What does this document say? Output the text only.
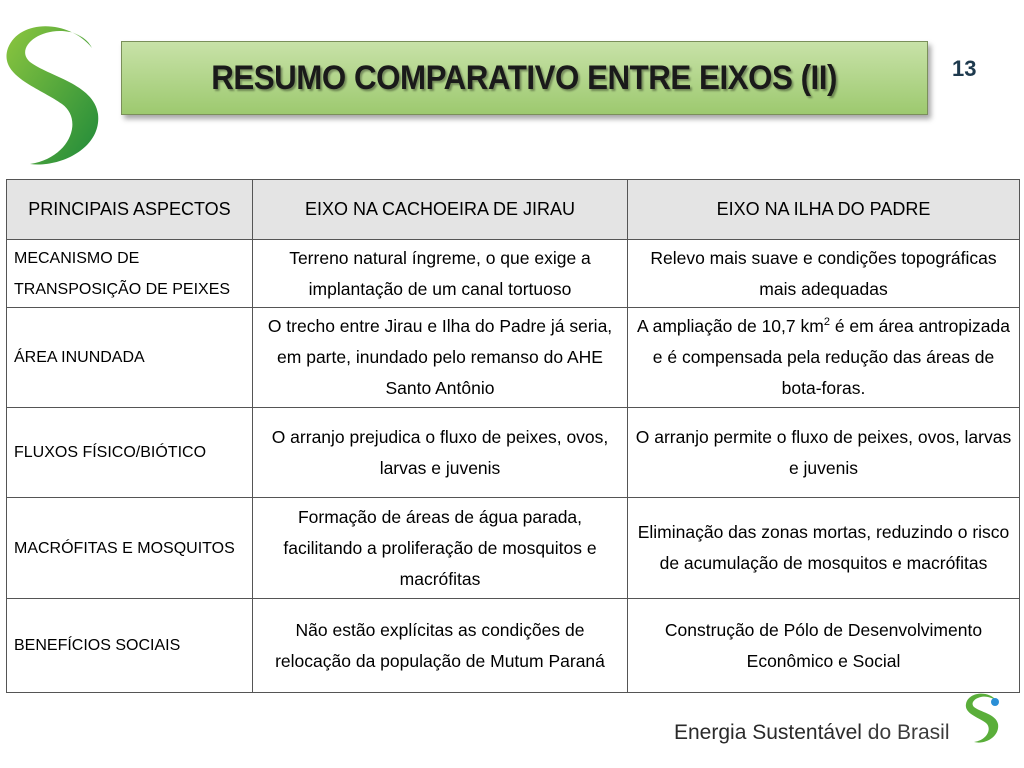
RESUMO COMPARATIVO ENTRE EIXOS (II)	13
PRINCIPAIS ASPECTOS	EIXO NA CACHOEIRA DE JIRAU	EIXO NA ILHA DO PADRE
MECANISMO DE TRANSPOSIÇÃO DE PEIXES	Terreno natural íngreme, o que exige a implantação de um canal tortuoso	Relevo mais suave e condições topográficas mais adequadas
ÁREA INUNDADA	O trecho entre Jirau e Ilha do Padre já seria, em parte, inundado pelo remanso do AHE Santo Antônio	A ampliação de 10,7 $km^2$ é em área antropizada e é compensada pela redução das áreas de bota-foras.
FLUXOS FÍSICO/BIÓTICO	O arranjo prejudica o fluxo de peixes, ovos, larvas e juvenis	O arranjo permite o fluxo de peixes, ovos, larvas e juvenis
MACRÓFITAS E MOSQUITOS	Formação de áreas de água parada, facilitando a proliferação de mosquitos e macrófitas	Eliminação das zonas mortas, reduzindo o risco de acumulação de mosquitos e macrófitas
BENEFÍCIOS SOCIAIS	Não estão explícitas as condições de relocação da população de Mutum Paraná	Construção de Pólo de Desenvolvimento Econômico e Social
Energia Sustentável do Brasil
